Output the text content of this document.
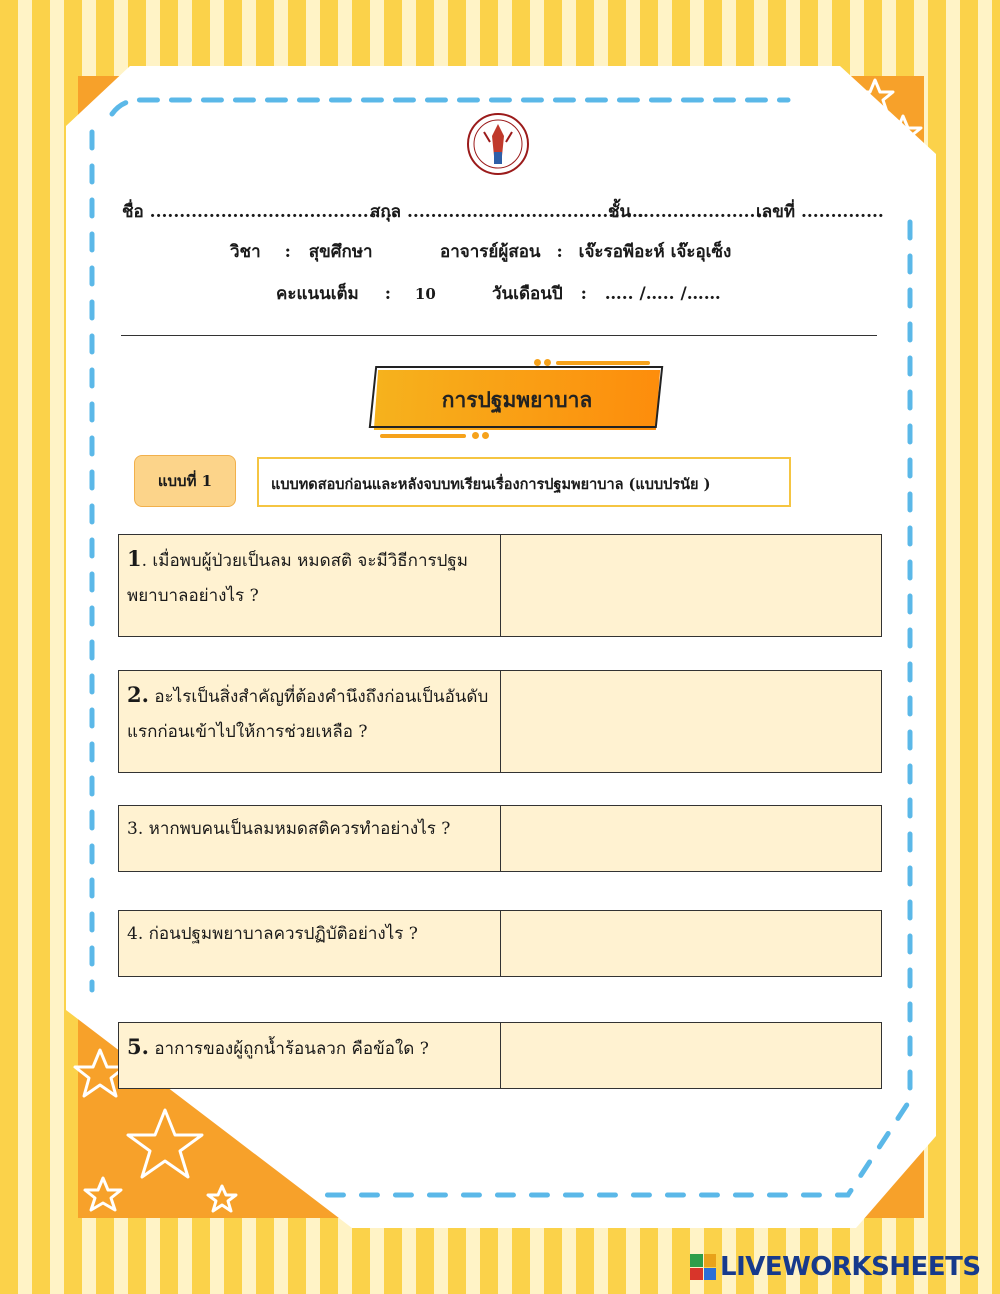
ชื่อ ..........................................
สกุล ........................................
ชั้น ......................
เลขที่ ..............
วิชา : สุขศึกษา	อาจารย์ผู้สอน : เจ๊ะรอพีอะห์ เจ๊ะอุเซ็ง
คะแนนเต็ม : 10	วันเดือนปี : ….. /….. /……
การปฐมพยาบาล
แบบที่ 1	แบบทดสอบก่อนและหลังจบบทเรียนเรื่องการปฐมพยาบาล (แบบปรนัย )
1. เมื่อพบผู้ป่วยเป็นลม หมดสติ จะมีวิธีการปฐม พยาบาลอย่างไร ?
2. อะไรเป็นสิ่งสำคัญที่ต้องคำนึงถึงก่อนเป็นอันดับแรกก่อนเข้าไปให้การช่วยเหลือ ?
3. หากพบคนเป็นลมหมดสติควรทำอย่างไร ?
4. ก่อนปฐมพยาบาลควรปฏิบัติอย่างไร ?
5. อาการของผู้ถูกน้ำร้อนลวก คือข้อใด ?
LIVEWORKSHEETS
